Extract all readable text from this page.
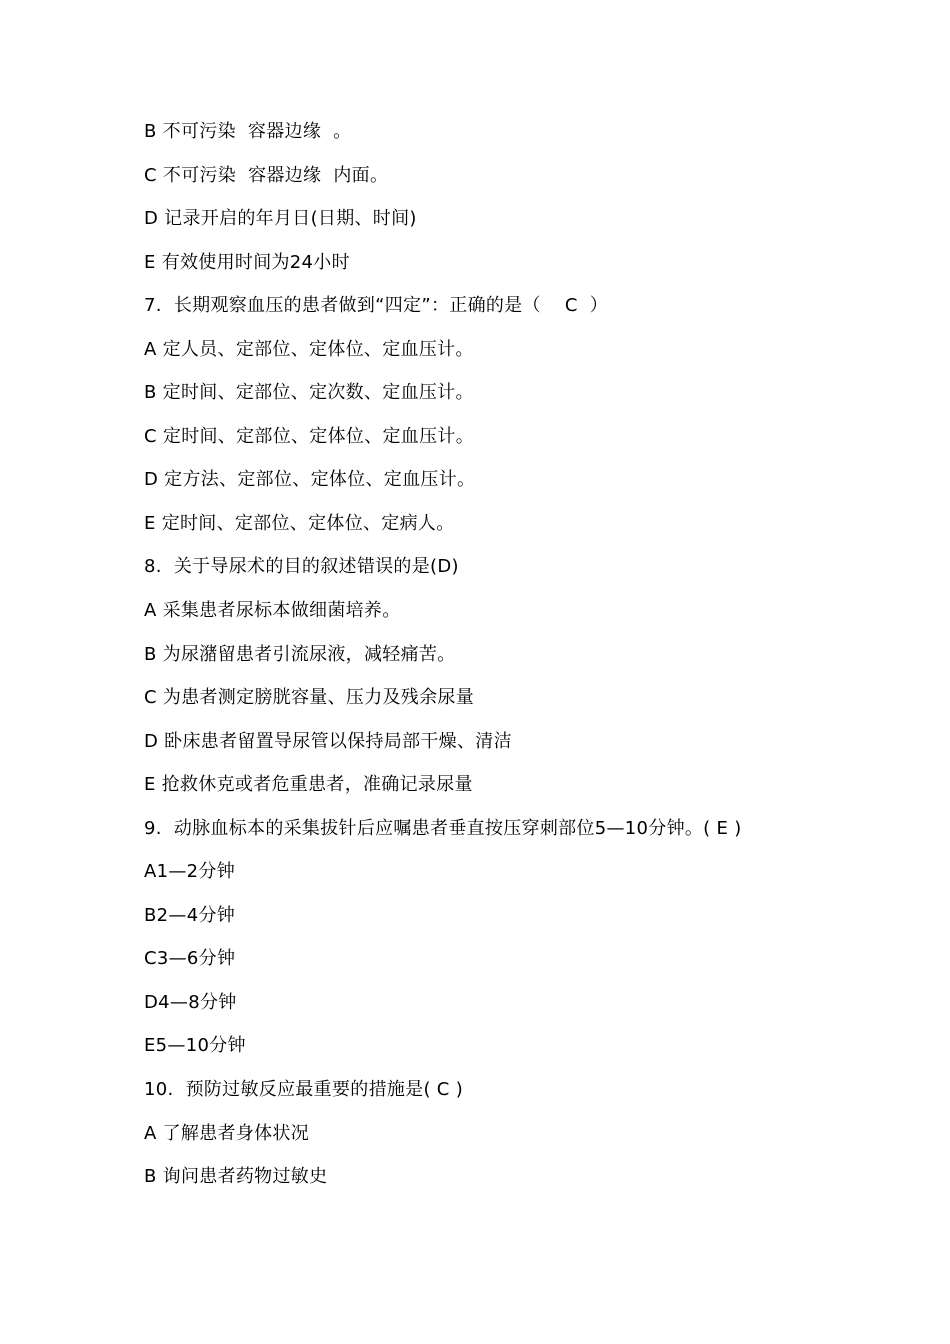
B 不可污染  容器边缘  。
C 不可污染  容器边缘  内面。
D 记录开启的年月日(日期、时间)
E 有效使用时间为24小时
7.  长期观察血压的患者做到“四定”：正确的是（    C  ）
A 定人员、定部位、定体位、定血压计。
B 定时间、定部位、定次数、定血压计。
C 定时间、定部位、定体位、定血压计。
D 定方法、定部位、定体位、定血压计。
E 定时间、定部位、定体位、定病人。
8.  关于导尿术的目的叙述错误的是(D)
A 采集患者尿标本做细菌培养。
B 为尿潴留患者引流尿液，减轻痛苦。
C 为患者测定膀胱容量、压力及残余尿量
D 卧床患者留置导尿管以保持局部干燥、清洁
E 抢救休克或者危重患者，准确记录尿量
9.  动脉血标本的采集拔针后应嘱患者垂直按压穿刺部位5—10分钟。( E )
A1—2分钟
B2—4分钟
C3—6分钟
D4—8分钟
E5—10分钟
10.  预防过敏反应最重要的措施是( C )
A 了解患者身体状况
B 询问患者药物过敏史
